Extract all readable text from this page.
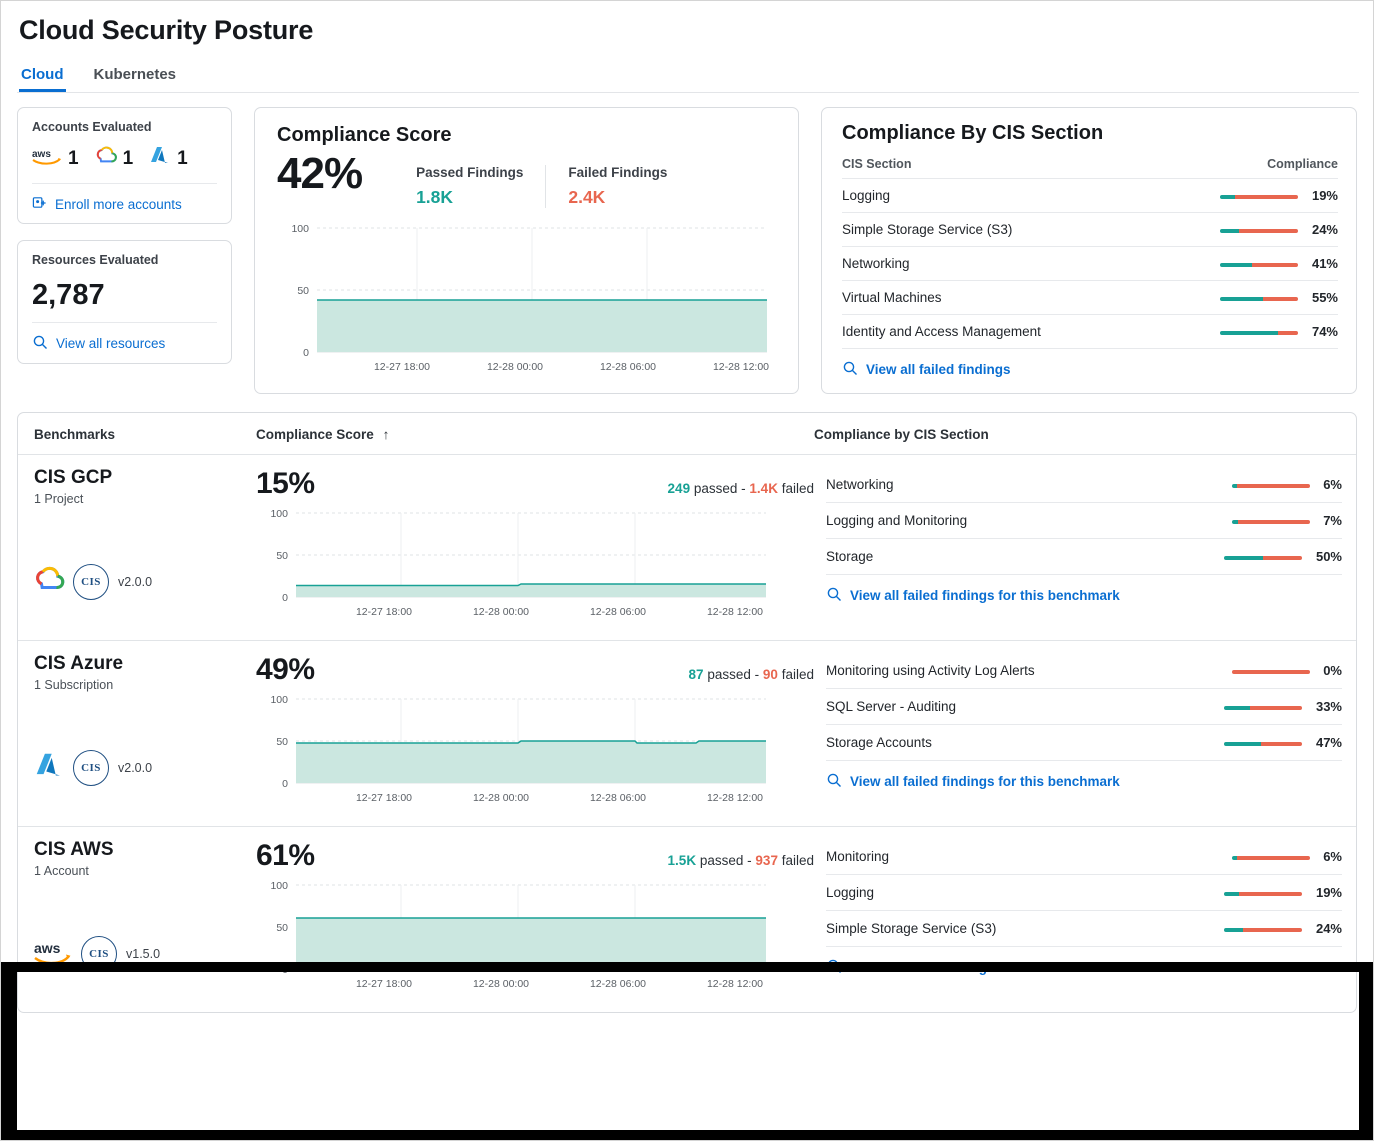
Cloud Security Posture
Cloud Kubernetes
Accounts Evaluated
aws 1 1 1
Enroll more accounts
Resources Evaluated
2,787
View all resources
Compliance Score
42%	Passed Findings
1.8K
Failed Findings
2.4K
100
50
0
12-27 18:00	12-28 00:00	12-28 06:00	12-28 12:00
Compliance By CIS Section
CIS Section	Compliance
Logging	19%
Simple Storage Service (S3)	24%
Networking	41%
Virtual Machines	55%
Identity and Access Management	74%
View all failed findings
Benchmarks	Compliance Score ↑	Compliance by CIS Section
CIS GCP
1 Project
CIS	v2.0.0
15%	249 passed - 1.4K failed
100
50
0
12-27 18:00	12-28 00:00	12-28 06:00	12-28 12:00
Networking	6%
Logging and Monitoring	7%
Storage	50%
View all failed findings for this benchmark
CIS Azure
1 Subscription
CIS	v2.0.0
49%	87 passed - 90 failed
100
50
0
12-27 18:00	12-28 00:00	12-28 06:00	12-28 12:00
Monitoring using Activity Log Alerts	0%
SQL Server - Auditing	33%
Storage Accounts	47%
View all failed findings for this benchmark
CIS AWS
1 Account
aws	CIS	v1.5.0
61%	1.5K passed - 937 failed
100
50
12-27 18:00	12-28 00:00	12-28 06:00	12-28 12:00
Monitoring	6%
Logging	19%
Simple Storage Service (S3)	24%
